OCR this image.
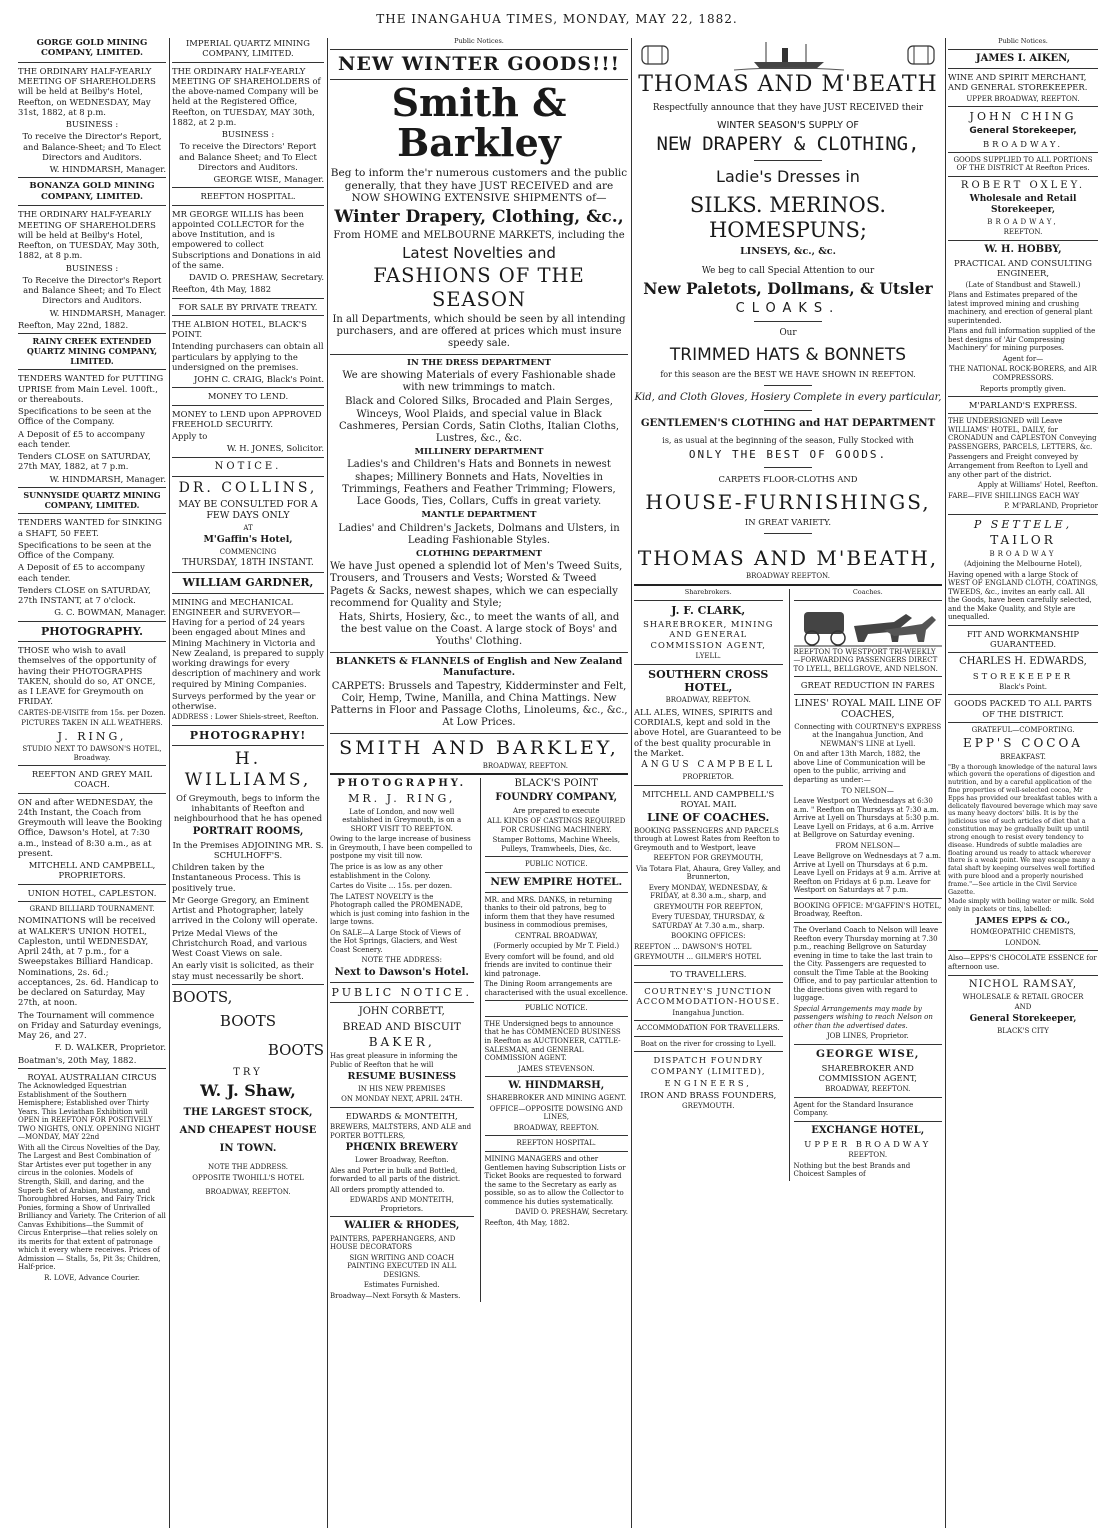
THE INANGAHUA TIMES, MONDAY, MAY 22, 1882.
GORGE GOLD MINING COMPANY, LIMITED.

THE ORDINARY HALF-YEARLY MEETING OF SHAREHOLDERS will be held at Beilby's Hotel, Reefton, on WEDNESDAY, May 31st, 1882, at 8 p.m.

BUSINESS :

To receive the Director's Report, and Balance-Sheet; and To Elect Directors and Auditors.

W. HINDMARSH, Manager.

BONANZA GOLD MINING COMPANY, LIMITED.

THE ORDINARY HALF-YEARLY MEETING OF SHAREHOLDERS will be held at Beilby's Hotel, Reefton, on TUESDAY, May 30th, 1882, at 8 p.m.

BUSINESS :

To Receive the Director's Report and Balance Sheet; and To Elect Directors and Auditors.

W. HINDMARSH, Manager.

Reefton, May 22nd, 1882.

RAINY CREEK EXTENDED QUARTZ MINING COMPANY, LIMITED.

TENDERS WANTED for PUTTING UPRISE from Main Level. 100ft., or thereabouts.

Specifications to be seen at the Office of the Company.

A Deposit of £5 to accompany each tender.

Tenders CLOSE on SATURDAY, 27th MAY, 1882, at 7 p.m.

W. HINDMARSH, Manager.

SUNNYSIDE QUARTZ MINING COMPANY, LIMITED.

TENDERS WANTED for SINKING a SHAFT, 50 FEET.

Specifications to be seen at the Office of the Company.

A Deposit of £5 to accompany each tender.

Tenders CLOSE on SATURDAY, 27th INSTANT, at 7 o'clock.

G. C. BOWMAN, Manager.

PHOTOGRAPHY.

THOSE who wish to avail themselves of the opportunity of having their PHOTOGRAPHS TAKEN, should do so, AT ONCE, as I LEAVE for Greymouth on FRIDAY.

CARTES-DE-VISITE from 15s. per Dozen.

PICTURES TAKEN IN ALL WEATHERS.

J. RING,

STUDIO NEXT TO DAWSON'S HOTEL, Broadway.

REEFTON AND GREY MAIL COACH.

ON and after WEDNESDAY, the 24th Instant, the Coach from Greymouth will leave the Booking Office, Dawson's Hotel, at 7:30 a.m., instead of 8:30 a.m., as at present.

MITCHELL AND CAMPBELL, PROPRIETORS.

UNION HOTEL, CAPLESTON.

GRAND BILLIARD TOURNAMENT.

NOMINATIONS will be received at WALKER'S UNION HOTEL, Capleston, until WEDNESDAY, April 24th, at 7 p.m., for a Sweepstakes Billiard Handicap. Nominations, 2s. 6d.; acceptances, 2s. 6d. Handicap to be declared on Saturday, May 27th, at noon.

The Tournament will commence on Friday and Saturday evenings, May 26, and 27.

F. D. WALKER, Proprietor.

Boatman's, 20th May, 1882.

ROYAL AUSTRALIAN CIRCUS

The Acknowledged Equestrian Establishment of the Southern Hemisphere; Established over Thirty Years. This Leviathan Exhibition will OPEN in REEFTON FOR POSITIVELY TWO NIGHTS, ONLY. OPENING NIGHT—MONDAY, MAY 22nd

With all the Circus Novelties of the Day, The Largest and Best Combination of Star Artistes ever put together in any circus in the colonies. Models of Strength, Skill, and daring, and the Superb Set of Arabian, Mustang, and Thoroughbred Horses, and Fairy Trick Ponies, forming a Show of Unrivalled Brilliancy and Variety. The Criterion of all Canvas Exhibitions—the Summit of Circus Enterprise—that relies solely on its merits for that extent of patronage which it every where receives. Prices of Admission — Stalls, 5s, Pit 3s; Children, Half-price.

R. LOVE, Advance Courier.

IMPERIAL QUARTZ MINING COMPANY, LIMITED.

THE ORDINARY HALF-YEARLY MEETING OF SHAREHOLDERS of the above-named Company will be held at the Registered Office, Reefton, on TUESDAY, MAY 30th, 1882, at 2 p.m.

BUSINESS :

To receive the Directors' Report and Balance Sheet; and To Elect Directors and Auditors.

GEORGE WISE, Manager.

REEFTON HOSPITAL.

MR GEORGE WILLIS has been appointed COLLECTOR for the above Institution, and is empowered to collect Subscriptions and Donations in aid of the same.

DAVID O. PRESHAW, Secretary.

Reefton, 4th May, 1882

FOR SALE BY PRIVATE TREATY.

THE ALBION HOTEL, BLACK'S POINT.

Intending purchasers can obtain all particulars by applying to the undersigned on the premises.

JOHN C. CRAIG, Black's Point.

MONEY TO LEND.

MONEY to LEND upon APPROVED FREEHOLD SECURITY.

Apply to

W. H. JONES, Solicitor.

NOTICE.

DR. COLLINS,

MAY BE CONSULTED FOR A FEW DAYS ONLY

AT

M'Gaffin's Hotel,

COMMENCING

THURSDAY, 18TH INSTANT.

WILLIAM GARDNER,

MINING and MECHANICAL ENGINEER and SURVEYOR—Having for a period of 24 years been engaged about Mines and Mining Machinery in Victoria and New Zealand, is prepared to supply working drawings for every description of machinery and work required by Mining Companies.

Surveys performed by the year or otherwise.

ADDRESS : Lower Shiels-street, Reefton.

PHOTOGRAPHY!

H. WILLIAMS,

Of Greymouth, begs to inform the inhabitants of Reefton and neighbourhood that he has opened

PORTRAIT ROOMS,

In the Premises ADJOINING MR. S. SCHULHOFF'S.

Children taken by the Instantaneous Process. This is positively true.

Mr George Gregory, an Eminent Artist and Photographer, lately arrived in the Colony will operate.

Prize Medal Views of the Christchurch Road, and various West Coast Views on sale.

An early visit is solicited, as their stay must necessarily be short.

BOOTS,

BOOTS

BOOTS

TRY

W. J. Shaw,

THE LARGEST STOCK,

AND CHEAPEST HOUSE

IN TOWN.

NOTE THE ADDRESS.

OPPOSITE TWOHILL'S HOTEL

BROADWAY, REEFTON.

Public Notices.
NEW WINTER GOODS!!!
Smith & Barkley

Beg to inform the'r numerous customers and the public generally, that they have JUST RECEIVED and are NOW SHOWING EXTENSIVE SHIPMENTS of—

Winter Drapery, Clothing, &c.,

From HOME and MELBOURNE MARKETS, including the

Latest Novelties and

FASHIONS OF THE SEASON

In all Departments, which should be seen by all intending purchasers, and are offered at prices which must insure speedy sale.

IN THE DRESS DEPARTMENT

We are showing Materials of every Fashionable shade with new trimmings to match.

Black and Colored Silks, Brocaded and Plain Serges, Winceys, Wool Plaids, and special value in Black Cashmeres, Persian Cords, Satin Cloths, Italian Cloths, Lustres, &c., &c.

MILLINERY DEPARTMENT

Ladies's and Children's Hats and Bonnets in newest shapes; Millinery Bonnets and Hats, Novelties in Trimmings, Feathers and Feather Trimming; Flowers, Lace Goods, Ties, Collars, Cuffs in great variety.

MANTLE DEPARTMENT

Ladies' and Children's Jackets, Dolmans and Ulsters, in Leading Fashionable Styles.

CLOTHING DEPARTMENT

We have Just opened a splendid lot of Men's Tweed Suits, Trousers, and Trousers and Vests; Worsted & Tweed Pagets & Sacks, newest shapes, which we can especially recommend for Quality and Style;

Hats, Shirts, Hosiery, &c., to meet the wants of all, and the best value on the Coast. A large stock of Boys' and Youths' Clothing.

BLANKETS & FLANNELS of English and New Zealand Manufacture.

CARPETS: Brussels and Tapestry, Kidderminster and Felt, Coir, Hemp, Twine, Manilla, and China Mattings. New Patterns in Floor and Passage Cloths, Linoleums, &c., &c., At Low Prices.

SMITH AND BARKLEY,

BROADWAY, REEFTON.

PHOTOGRAPHY.

MR. J. RING,

Late of London, and now well established in Greymouth, is on a SHORT VISIT TO REEFTON.

Owing to the large increase of business in Greymouth, I have been compelled to postpone my visit till now.

The price is as low as any other establishment in the Colony.

Cartes do Visite ... 15s. per dozen.

The LATEST NOVELTY is the Photograph called the PROMENADE, which is just coming into fashion in the large towns.

On SALE—A Large Stock of Views of the Hot Springs, Glaciers, and West Coast Scenery.

NOTE THE ADDRESS:

Next to Dawson's Hotel.

PUBLIC NOTICE.

JOHN CORBETT,

BREAD AND BISCUIT

BAKER,

Has great pleasure in informing the Public of Reefton that he will

RESUME BUSINESS

IN HIS NEW PREMISES

ON MONDAY NEXT, APRIL 24TH.

EDWARDS & MONTEITH,

BREWERS, MALTSTERS, AND ALE and PORTER BOTTLERS,

PHŒNIX BREWERY

Lower Broadway, Reefton.

Ales and Porter in bulk and Bottled, forwarded to all parts of the district.

All orders promptly attended to.

EDWARDS AND MONTEITH, Proprietors.

WALIER & RHODES,

PAINTERS, PAPERHANGERS, AND HOUSE DECORATORS

SIGN WRITING AND COACH PAINTING EXECUTED IN ALL DESIGNS.

Estimates Furnished.

Broadway—Next Forsyth & Masters.

BLACK'S POINT

FOUNDRY COMPANY,

Are prepared to execute

ALL KINDS OF CASTINGS REQUIRED FOR CRUSHING MACHINERY.

Stamper Bottoms, Machine Wheels, Pulleys, Tramwheels, Dies, &c.

PUBLIC NOTICE.

NEW EMPIRE HOTEL.

MR. and MRS. DANKS, in returning thanks to their old patrons, beg to inform them that they have resumed business in commodious premises,

CENTRAL BROADWAY,

(Formerly occupied by Mr T. Field.)

Every comfort will be found, and old friends are invited to continue their kind patronage.

The Dining Room arrangements are characterised with the usual excellence.

PUBLIC NOTICE.

THE Undersigned begs to announce that he has COMMENCED BUSINESS in Reefton as AUCTIONEER, CATTLE-SALESMAN, and GENERAL COMMISSION AGENT.

JAMES STEVENSON.

W. HINDMARSH,

SHAREBROKER AND MINING AGENT.

OFFICE—OPPOSITE DOWSING AND LINES,

BROADWAY, REEFTON.

REEFTON HOSPITAL.

MINING MANAGERS and other Gentlemen having Subscription Lists or Ticket Books are requested to forward the same to the Secretary as early as possible, so as to allow the Collector to commence his duties systematically.

DAVID O. PRESHAW, Secretary.

Reefton, 4th May, 1882.

THOMAS AND M'BEATH

Respectfully announce that they have JUST RECEIVED their

WINTER SEASON'S SUPPLY OF

NEW DRAPERY & CLOTHING,

Ladie's Dresses in

SILKS. MERINOS. HOMESPUNS;

LINSEYS, &c., &c.

We beg to call Special Attention to our

New Paletots, Dollmans, & Utsler

CLOAKS.

Our

TRIMMED HATS & BONNETS

for this season are the BEST WE HAVE SHOWN IN REEFTON.

Kid, and Cloth Gloves, Hosiery Complete in every particular,

GENTLEMEN'S CLOTHING and HAT DEPARTMENT

is, as usual at the beginning of the season, Fully Stocked with

ONLY THE BEST OF GOODS.

CARPETS FLOOR-CLOTHS AND

HOUSE-FURNISHINGS,

IN GREAT VARIETY.

THOMAS AND M'BEATH,

BROADWAY REEFTON.

Sharebrokers.

J. F. CLARK,

SHAREBROKER, MINING AND GENERAL COMMISSION AGENT,

LYELL.

SOUTHERN CROSS HOTEL,

BROADWAY, REEFTON.

ALL ALES, WINES, SPIRITS and CORDIALS, kept and sold in the above Hotel, are Guaranteed to be of the best quality procurable in the Market.

ANGUS CAMPBELL

PROPRIETOR.

MITCHELL AND CAMPBELL'S ROYAL MAIL

LINE OF COACHES.

BOOKING PASSENGERS AND PARCELS through at Lowest Rates from Reefton to Greymouth and to Westport, leave

REEFTON FOR GREYMOUTH,

Via Totara Flat, Ahaura, Grey Valley, and Brunnerton,

Every MONDAY, WEDNESDAY, & FRIDAY, at 8.30 a.m., sharp, and

GREYMOUTH FOR REEFTON,

Every TUESDAY, THURSDAY, & SATURDAY At 7.30 a.m., sharp.

BOOKING OFFICES:

REEFTON ... DAWSON'S HOTEL

GREYMOUTH ... GILMER'S HOTEL

TO TRAVELLERS.

COURTNEY'S JUNCTION ACCOMMODATION-HOUSE.

Inangahua Junction.

ACCOMMODATION FOR TRAVELLERS.

Boat on the river for crossing to Lyell.

DISPATCH FOUNDRY COMPANY (LIMITED),

ENGINEERS,

IRON AND BRASS FOUNDERS,

GREYMOUTH.

Coaches.

REEFTON TO WESTPORT TRI-WEEKLY—FORWARDING PASSENGERS DIRECT TO LYELL, BELLGROVE, AND NELSON.

GREAT REDUCTION IN FARES

LINES' ROYAL MAIL LINE OF COACHES,

Connecting with COURTNEY'S EXPRESS at the Inangahua Junction, And NEWMAN'S LINE at Lyell.

On and after 13th March, 1882, the above Line of Communication will be open to the public, arriving and departing as under:—

TO NELSON—

Leave Westport on Wednesdays at 6:30 a.m. " Reefton on Thursdays at 7:30 a.m. Arrive at Lyell on Thursdays at 5:30 p.m. Leave Lyell on Fridays, at 6 a.m. Arrive at Bellgrove on Saturday evening.

FROM NELSON—

Leave Bellgrove on Wednesdays at 7 a.m. Arrive at Lyell on Thursdays at 6 p.m. Leave Lyell on Fridays at 9 a.m. Arrive at Reefton on Fridays at 6 p.m. Leave for Westport on Saturdays at 7 p.m.

BOOKING OFFICE: M'GAFFIN'S HOTEL, Broadway, Reefton.

The Overland Coach to Nelson will leave Reefton every Thursday morning at 7.30 p.m., reaching Bellgrove on Saturday evening in time to take the last train to the City. Passengers are requested to consult the Time Table at the Booking Office, and to pay particular attention to the directions given with regard to luggage.

Special Arrangements may made by passengers wishing to reach Nelson on other than the advertised dates.

JOB LINES, Proprietor.

GEORGE WISE,

SHAREBROKER AND COMMISSION AGENT,

BROADWAY, REEFTON.

Agent for the Standard Insurance Company.

EXCHANGE HOTEL,

UPPER BROADWAY

REEFTON.

Nothing but the best Brands and Choicest Samples of

Public Notices.

JAMES I. AIKEN,

WINE AND SPIRIT MERCHANT, AND GENERAL STOREKEEPER.

UPPER BROADWAY, REEFTON.

JOHN CHING

General Storekeeper,

BROADWAY.

GOODS SUPPLIED TO ALL PORTIONS OF THE DISTRICT At Reefton Prices.

ROBERT OXLEY.

Wholesale and Retail Storekeeper,

BROADWAY,

REEFTON.

W. H. HOBBY,

PRACTICAL AND CONSULTING ENGINEER,

(Late of Standbust and Stawell.)

Plans and Estimates prepared of the latest improved mining and crushing machinery, and erection of general plant superintended.

Plans and full information supplied of the best designs of 'Air Compressing Machinery' for mining purposes.

Agent for—

THE NATIONAL ROCK-BORERS, and AIR COMPRESSORS.

Reports promptly given.

M'PARLAND'S EXPRESS.

THE UNDERSIGNED will Leave WILLIAMS' HOTEL, DAILY, for CRONADUN and CAPLESTON Conveying PASSENGERS, PARCELS, LETTERS, &c.

Passengers and Freight conveyed by Arrangement from Reefton to Lyell and any other part of the district.

Apply at Williams' Hotel, Reefton.

FARE—FIVE SHILLINGS EACH WAY

P. M'PARLAND, Proprietor

P SETTELE,

TAILOR

BROADWAY

(Adjoining the Melbourne Hotel),

Having opened with a large Stock of WEST OF ENGLAND CLOTH, COATINGS, TWEEDS, &c., invites an early call. All the Goods, have been carefully selected, and the Make Quality, and Style are unequalled.

FIT AND WORKMANSHIP GUARANTEED.

CHARLES H. EDWARDS,

STOREKEEPER

Black's Point.

GOODS PACKED TO ALL PARTS OF THE DISTRICT.

GRATEFUL—COMFORTING.

EPP'S COCOA

BREAKFAST.

"By a thorough knowledge of the natural laws which govern the operations of digestion and nutrition, and by a careful application of the fine properties of well-selected cocoa, Mr Epps has provided our breakfast tables with a delicately flavoured beverage which may save us many heavy doctors' bills. It is by the judicious use of such articles of diet that a constitution may be gradually built up until strong enough to resist every tendency to disease. Hundreds of subtle maladies are floating around us ready to attack wherever there is a weak point. We may escape many a fatal shaft by keeping ourselves well fortified with pure blood and a properly nourished frame."—See article in the Civil Service Gazette.

Made simply with boiling water or milk. Sold only in packets or tins, labelled:

JAMES EPPS & CO.,

HOMŒOPATHIC CHEMISTS,

LONDON.

Also—EPPS'S CHOCOLATE ESSENCE for afternoon use.

NICHOL RAMSAY,

WHOLESALE & RETAIL GROCER

AND

General Storekeeper,

BLACK'S CITY
